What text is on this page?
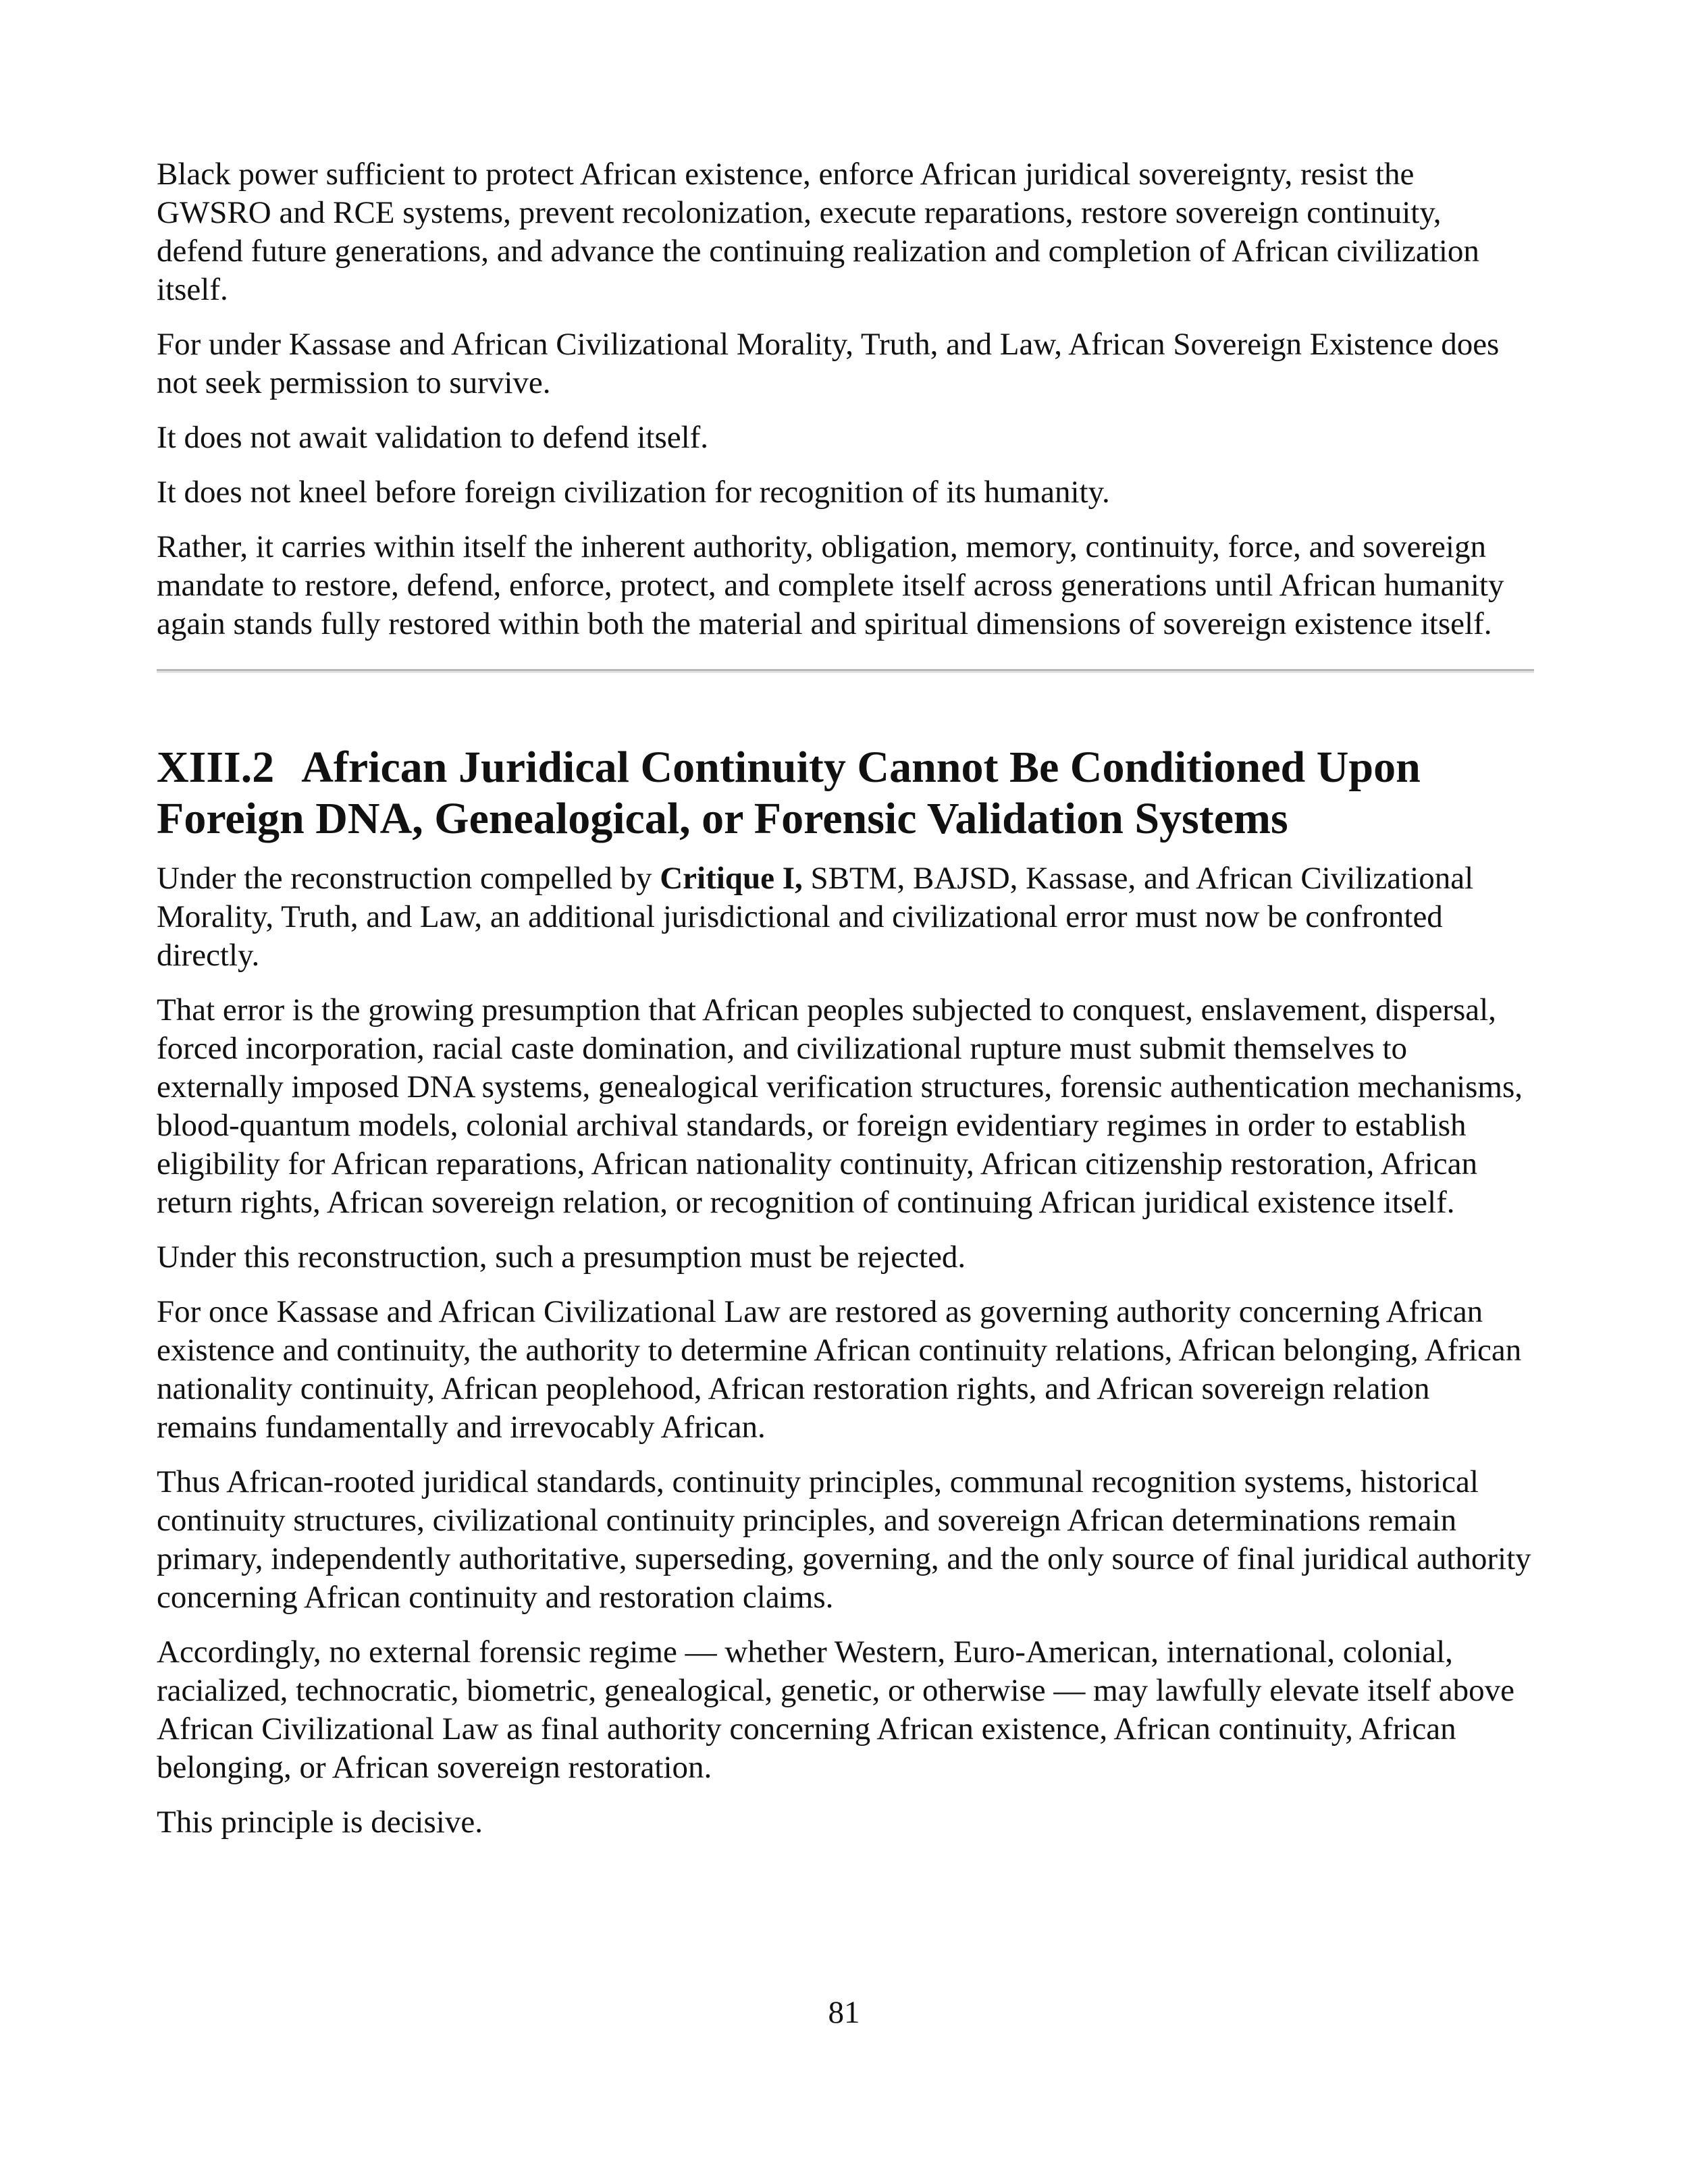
Black power sufficient to protect African existence, enforce African juridical sovereignty, resist the GWSRO and RCE systems, prevent recolonization, execute reparations, restore sovereign continuity, defend future generations, and advance the continuing realization and completion of African civilization itself.

For under Kassase and African Civilizational Morality, Truth, and Law, African Sovereign Existence does not seek permission to survive.

It does not await validation to defend itself.

It does not kneel before foreign civilization for recognition of its humanity.

Rather, it carries within itself the inherent authority, obligation, memory, continuity, force, and sovereign mandate to restore, defend, enforce, protect, and complete itself across generations until African humanity again stands fully restored within both the material and spiritual dimensions of sovereign existence itself.

XIII.2 African Juridical Continuity Cannot Be Conditioned Upon Foreign DNA, Genealogical, or Forensic Validation Systems

Under the reconstruction compelled by Critique I, SBTM, BAJSD, Kassase, and African Civilizational Morality, Truth, and Law, an additional jurisdictional and civilizational error must now be confronted directly.

That error is the growing presumption that African peoples subjected to conquest, enslavement, dispersal, forced incorporation, racial caste domination, and civilizational rupture must submit themselves to externally imposed DNA systems, genealogical verification structures, forensic authentication mechanisms, blood-quantum models, colonial archival standards, or foreign evidentiary regimes in order to establish eligibility for African reparations, African nationality continuity, African citizenship restoration, African return rights, African sovereign relation, or recognition of continuing African juridical existence itself.

Under this reconstruction, such a presumption must be rejected.

For once Kassase and African Civilizational Law are restored as governing authority concerning African existence and continuity, the authority to determine African continuity relations, African belonging, African nationality continuity, African peoplehood, African restoration rights, and African sovereign relation remains fundamentally and irrevocably African.

Thus African-rooted juridical standards, continuity principles, communal recognition systems, historical continuity structures, civilizational continuity principles, and sovereign African determinations remain primary, independently authoritative, superseding, governing, and the only source of final juridical authority concerning African continuity and restoration claims.

Accordingly, no external forensic regime — whether Western, Euro-American, international, colonial, racialized, technocratic, biometric, genealogical, genetic, or otherwise — may lawfully elevate itself above African Civilizational Law as final authority concerning African existence, African continuity, African belonging, or African sovereign restoration.

This principle is decisive.

81
